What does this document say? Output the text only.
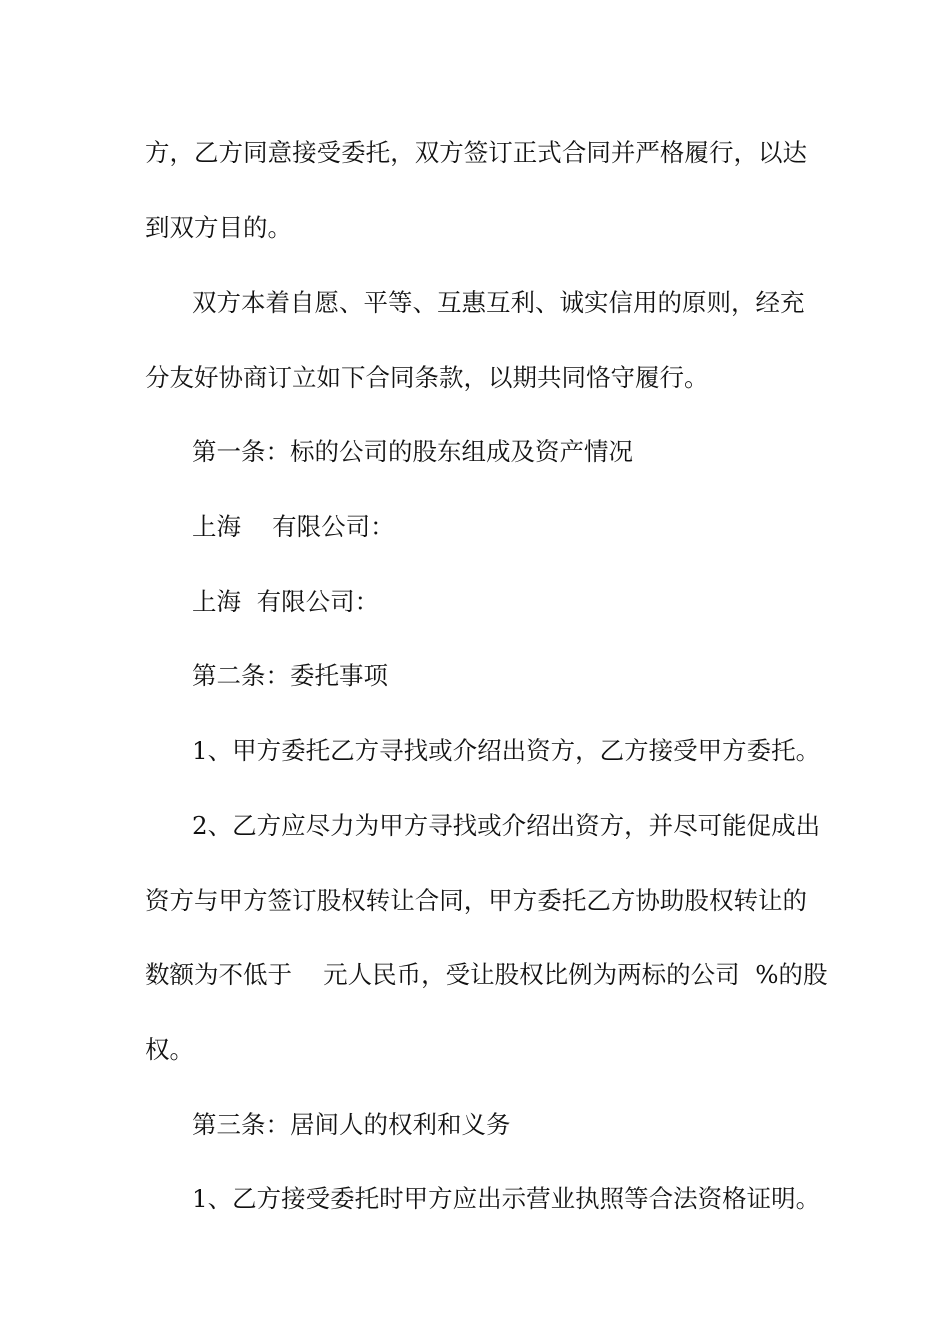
方，乙方同意接受委托，双方签订正式合同并严格履行，以达

到双方目的。

双方本着自愿、平等、互惠互利、诚实信用的原则，经充

分友好协商订立如下合同条款，以期共同恪守履行。

第一条：标的公司的股东组成及资产情况

上海    有限公司：

上海  有限公司：

第二条：委托事项

1、甲方委托乙方寻找或介绍出资方，乙方接受甲方委托。

2、乙方应尽力为甲方寻找或介绍出资方，并尽可能促成出

资方与甲方签订股权转让合同，甲方委托乙方协助股权转让的

数额为不低于    元人民币，受让股权比例为两标的公司  %的股

权。

第三条：居间人的权利和义务

1、乙方接受委托时甲方应出示营业执照等合法资格证明。
